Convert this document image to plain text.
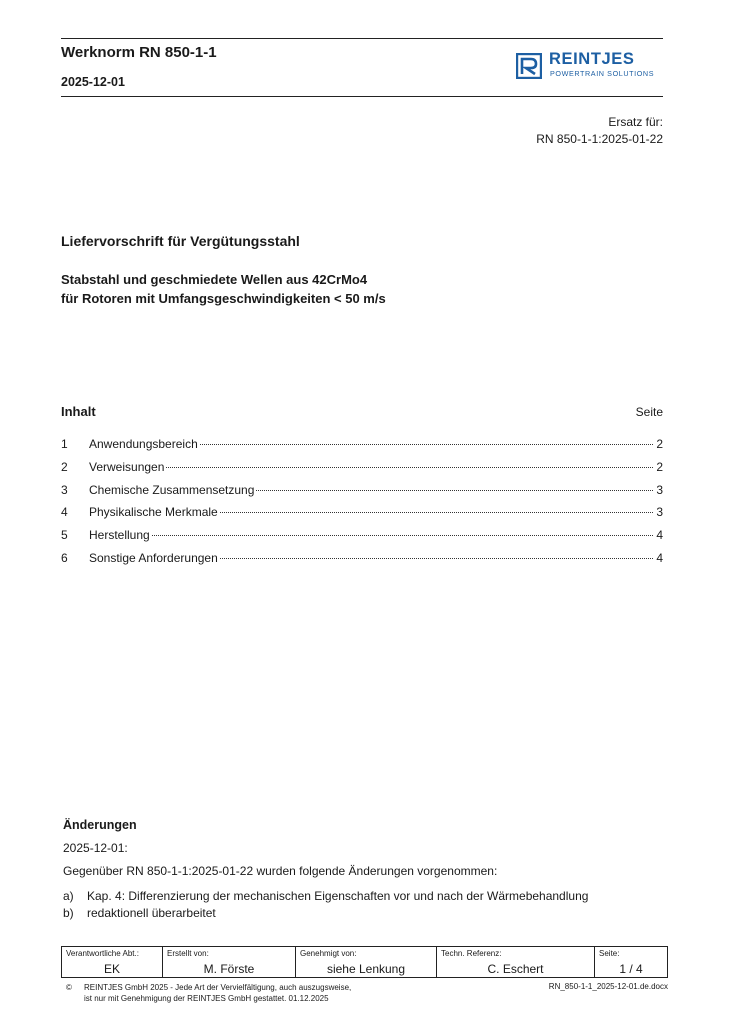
Werknorm RN 850-1-1
2025-12-01
REINTJES
POWERTRAIN SOLUTIONS
Ersatz für:
RN 850-1-1:2025-01-22
Liefervorschrift für Vergütungsstahl
Stabstahl und geschmiedete Wellen aus 42CrMo4
für Rotoren mit Umfangsgeschwindigkeiten < 50 m/s
Inhalt	Seite
1	Anwendungsbereich	2
2	Verweisungen	2
3	Chemische Zusammensetzung	3
4	Physikalische Merkmale	3
5	Herstellung	4
6	Sonstige Anforderungen	4
Änderungen
2025-12-01:
Gegenüber RN 850-1-1:2025-01-22 wurden folgende Änderungen vorgenommen:
a)	Kap. 4: Differenzierung der mechanischen Eigenschaften vor und nach der Wärmebehandlung
b)	redaktionell überarbeitet
Verantwortliche Abt.:
EK
Erstellt von:
M. Förste
Genehmigt von:
siehe Lenkung
Techn. Referenz:
C. Eschert
Seite:
1 / 4
© REINTJES GmbH 2025 - Jede Art der Vervielfältigung, auch auszugsweise,
ist nur mit Genehmigung der REINTJES GmbH gestattet. 01.12.2025
RN_850-1-1_2025-12-01.de.docx
